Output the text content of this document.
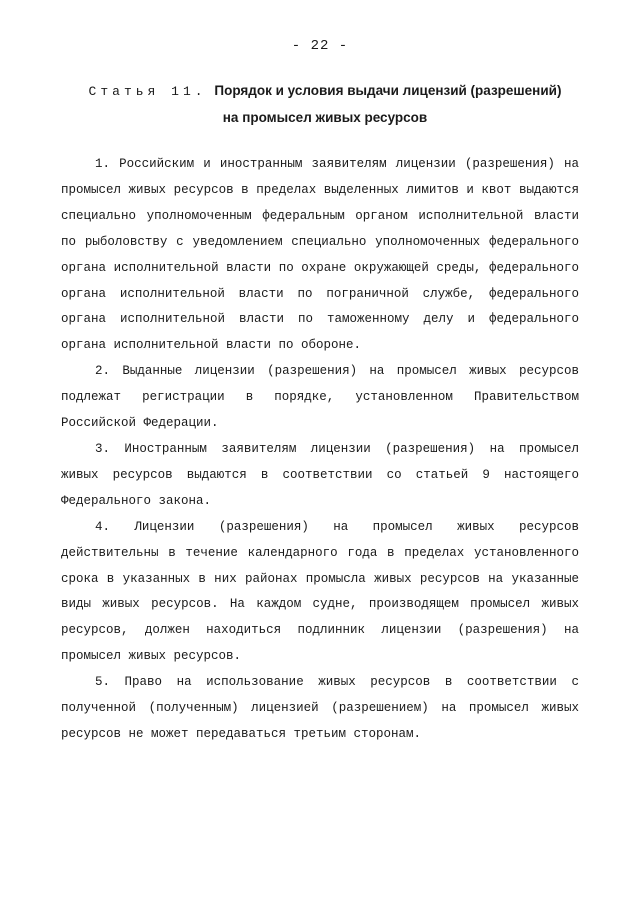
- 22 -
Статья 11. Порядок и условия выдачи лицензий (разрешений)
на промысел живых ресурсов

1. Российским и иностранным заявителям лицензии (разрешения) на промысел живых ресурсов в пределах выделенных лимитов и квот выдаются специально уполномоченным федеральным органом исполнительной власти по рыболовству с уведомлением специально уполномоченных федерального органа исполнительной власти по охране окружающей среды, федерального органа исполнительной власти по пограничной службе, федерального органа исполнительной власти по таможенному делу и федерального органа исполнительной власти по обороне.

2. Выданные лицензии (разрешения) на промысел живых ресурсов подлежат регистрации в порядке, установленном Правительством Российской Федерации.

3. Иностранным заявителям лицензии (разрешения) на промысел живых ресурсов выдаются в соответствии со статьей 9 настоящего Федерального закона.

4. Лицензии (разрешения) на промысел живых ресурсов действительны в течение календарного года в пределах установленного срока в указанных в них районах промысла живых ресурсов на указанные виды живых ресурсов. На каждом судне, производящем промысел живых ресурсов, должен находиться подлинник лицензии (разрешения) на промысел живых ресурсов.

5. Право на использование живых ресурсов в соответствии с полученной (полученным) лицензией (разрешением) на промысел живых ресурсов не может передаваться третьим сторонам.
